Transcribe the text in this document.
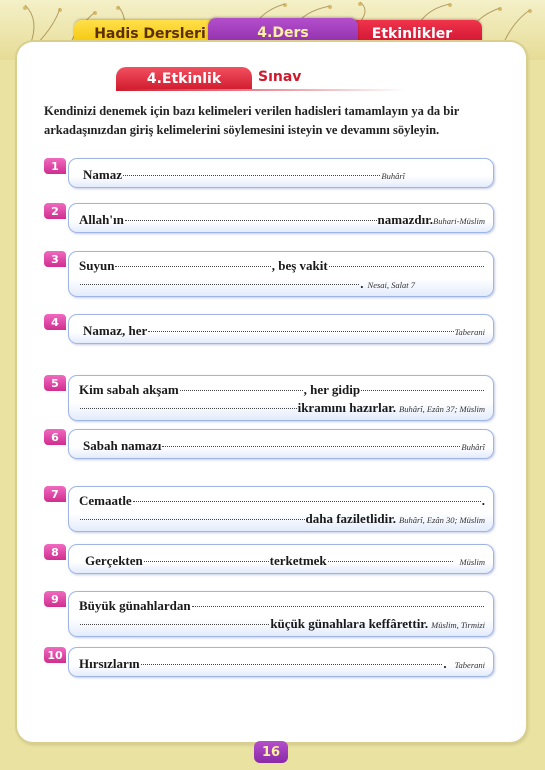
Hadis Dersleri	Etkinlikler
4.Ders
4.Etkinlik	Sınav
Kendinizi denemek için bazı kelimeleri verilen hadisleri tamamlayın ya da bir arkadaşınızdan giriş kelimelerini söylemesini isteyin ve devamını söyleyin.
1
Namaz	Buhârî
2
Allah'ın	namazdır. Buhari-Müslim
3	Suyun	, beş vakit
. Nesai, Salat 7
4
Namaz, her	Taberani
5	Kim sabah akşam	, her gidip
ikramını hazırlar. Buhârî, Ezân 37; Müslim
6
Sabah namazı	Buhârî
7	Cemaatle	.
daha faziletlidir. Buhârî, Ezân 30; Müslim
8
Gerçekten	terketmek	Müslim
9	Büyük günahlardan
küçük günahlara keffârettir. Müslim, Tirmizi
10
Hırsızların	. Taberani
16
